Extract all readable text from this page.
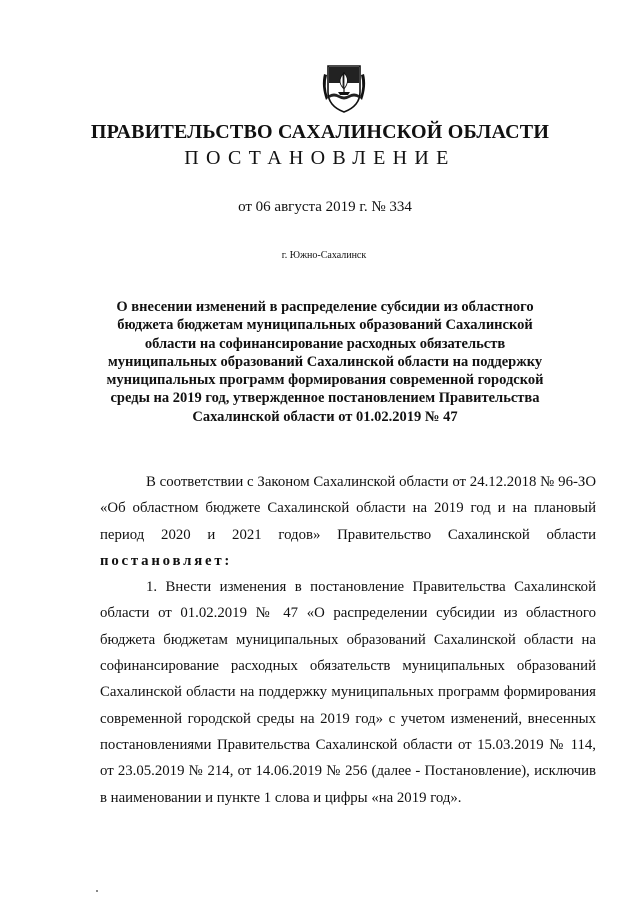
ПРАВИТЕЛЬСТВО САХАЛИНСКОЙ ОБЛАСТИ
ПОСТАНОВЛЕНИЕ
от 06 августа 2019 г. № 334
г. Южно-Сахалинск

О внесении изменений в распределение субсидии из областного бюджета бюджетам муниципальных образований Сахалинской области на софинансирование расходных обязательств муниципальных образований Сахалинской области на поддержку муниципальных программ формирования современной городской среды на 2019 год, утвержденное постановлением Правительства Сахалинской области от 01.02.2019 № 47

В соответствии с Законом Сахалинской области от 24.12.2018 № 96-ЗО «Об областном бюджете Сахалинской области на 2019 год и на плановый период 2020 и 2021 годов» Правительство Сахалинской области постановляет:

1. Внести изменения в постановление Правительства Сахалинской области от 01.02.2019 № 47 «О распределении субсидии из областного бюджета бюджетам муниципальных образований Сахалинской области на софинансирование расходных обязательств муниципальных образований Сахалинской области на поддержку муниципальных программ формирования современной городской среды на 2019 год» с учетом изменений, внесенных постановлениями Правительства Сахалинской области от 15.03.2019 № 114, от 23.05.2019 № 214, от 14.06.2019 № 256 (далее - Постановление), исключив в наименовании и пункте 1 слова и цифры «на 2019 год».
